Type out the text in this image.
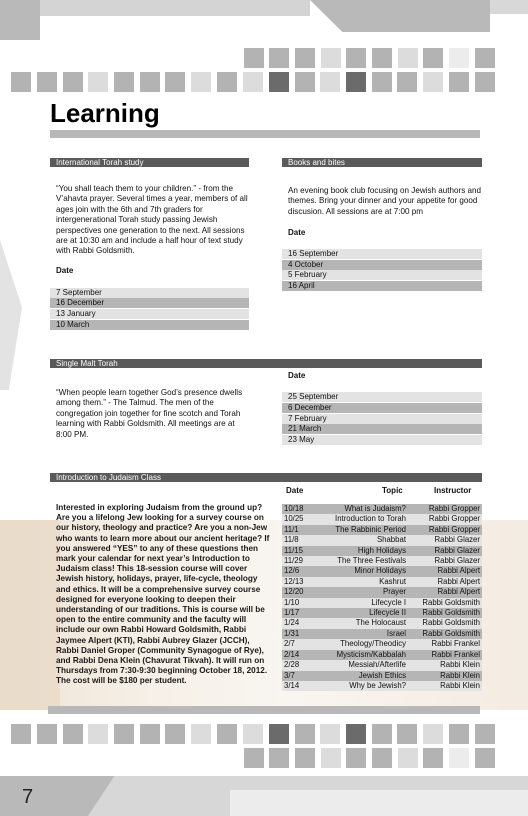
Learning
International Torah study

“You shall teach them to your children.” - from the V’ahavta prayer. Several times a year, members of all ages join with the 6th and 7th graders for intergenerational Torah study passing Jewish perspectives one generation to the next. All sessions are at 10:30 am and include a half hour of text study with Rabbi Goldsmith.

Date
7 September
16 December
13 January
10 March
Books and bites

An evening book club focusing on Jewish authors and themes. Bring your dinner and your appetite for good discusion. All sessions are at 7:00 pm

Date
16 September
4 October
5 February
16 April
Single Malt Torah

“When people learn together God’s presence dwells among them.” - The Talmud. The men of the congregation join together for fine scotch and Torah learning with Rabbi Goldsmith. All meetings are at 8:00 PM.

Date
25 September
6 December
7 February
21 March
23 May
Introduction to Judaism Class

Interested in exploring Judaism from the ground up? Are you a lifelong Jew looking for a survey course on our history, theology and practice? Are you a non-Jew who wants to learn more about our ancient heritage? If you answered “YES” to any of these questions then mark your calendar for next year’s Introduction to Judaism class! This 18-session course will cover Jewish history, holidays, prayer, life-cycle, theology and ethics. It will be a comprehensive survey course designed for everyone looking to deepen their understanding of our traditions. This is course will be open to the entire community and the faculty will include our own Rabbi Howard Goldsmith, Rabbi Jaymee Alpert (KTI), Rabbi Aubrey Glazer (JCCH), Rabbi Daniel Groper (Community Synagogue of Rye), and Rabbi Dena Klein (Chavurat Tikvah). It will run on Thursdays from 7:30-9:30 beginning October 18, 2012. The cost will be $180 per student.

Date	Topic	Instructor
10/18	What is Judaism?	Rabbi Gropper
10/25	Introduction to Torah	Rabbi Gropper
11/1	The Rabbinic Period	Rabbi Gropper
11/8	Shabbat	Rabbi Glazer
11/15	High Holidays	Rabbi Glazer
11/29	The Three Festivals	Rabbi Glazer
12/6	Minor Holidays	Rabbi Alpert
12/13	Kashrut	Rabbi Alpert
12/20	Prayer	Rabbi Alpert
1/10	Lifecycle I	Rabbi Goldsmith
1/17	Lifecycle II	Rabbi Goldsmith
1/24	The Holocaust	Rabbi Goldsmith
1/31	Israel	Rabbi Goldsmith
2/7	Theology/Theodicy	Rabbi Frankel
2/14	Mysticism/Kabbalah	Rabbi Frankel
2/28	Messiah/Afterlife	Rabbi Klein
3/7	Jewish Ethics	Rabbi Klein
3/14	Why be Jewish?	Rabbi Klein
7
